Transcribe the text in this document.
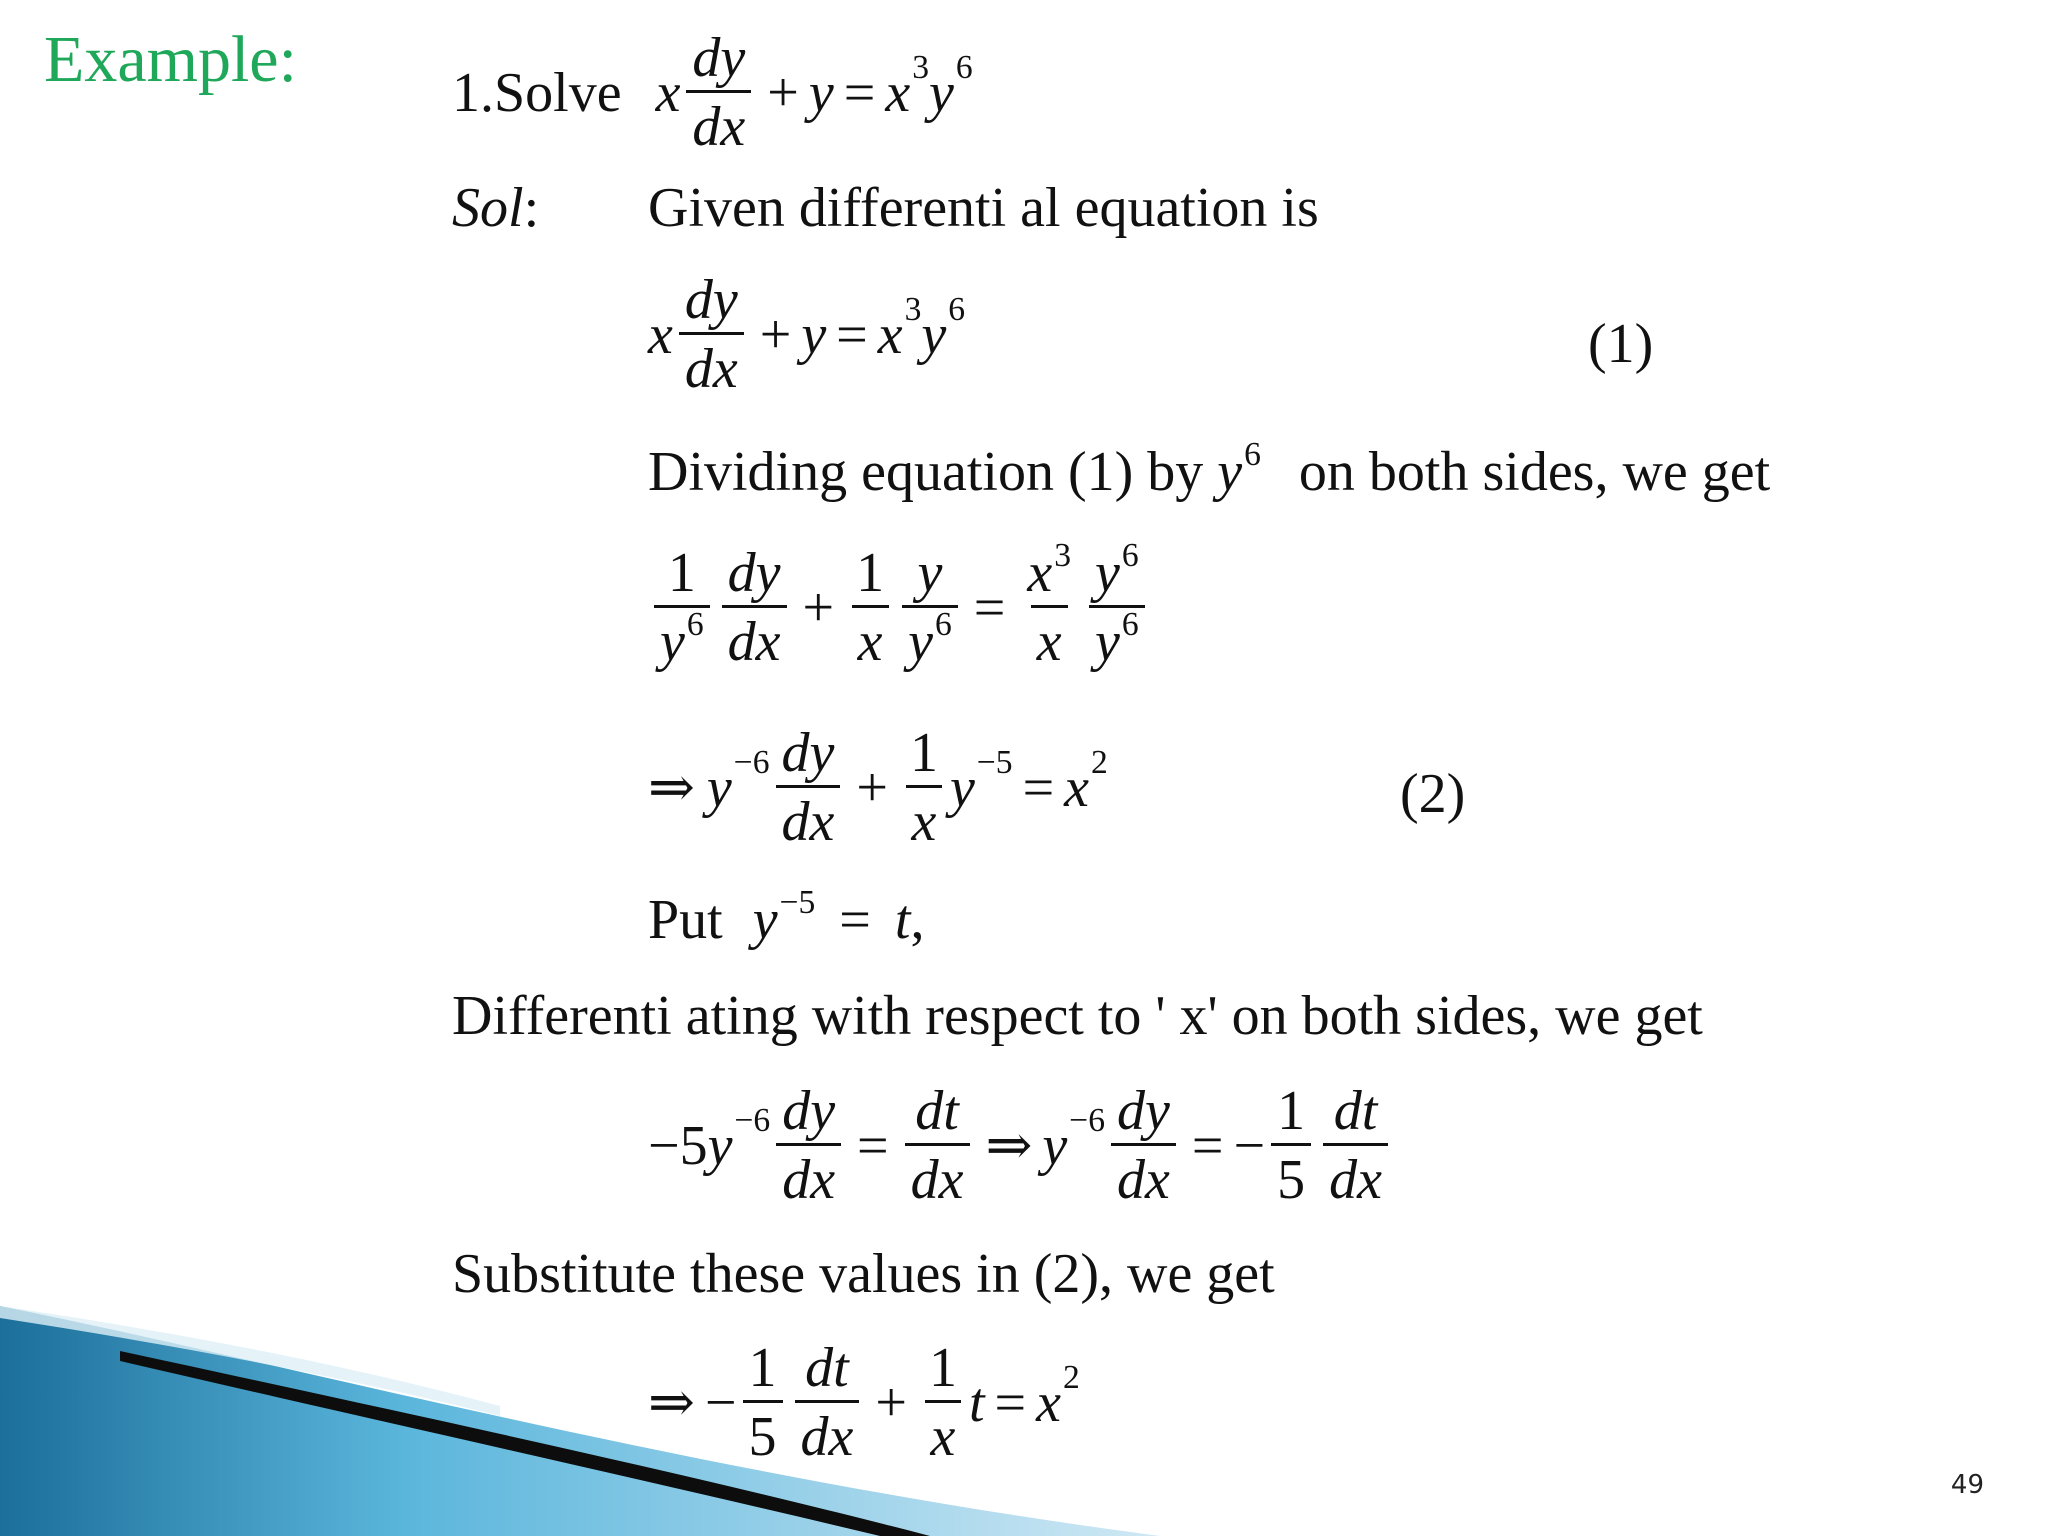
Example:	1. Solve x $\frac{dy}{dx} + y = x^3$ $y^6$
Sol: Given differenti al equation is
x $\frac{dy}{dx} + y = x^3$ $y^6$
(1)
Dividing equation (1) by $y^6$ on both sides, we get
$\frac{1}{y^6} \frac{dy}{dx} + \frac{1}{x} \frac{y}{y^6} = \frac{x^3}{x} \frac{y^6}{y^6}$
⇒ $y^{-6} \frac{dy}{dx} + \frac{1}{x} y^{-5} = x^2$
(2)
Put $y^{-5} = t$,
Differenti ating with respect to ' x' on both sides, we get
−5 $y^{-6} \frac{dy}{dx} = \frac{dt}{dx}$ ⇒ $y^{-6} \frac{dy}{dx}$ = − $\frac{1}{5} \frac{dt}{dx}$
Substitute these values in (2), we get
⇒ − $\frac{1}{5} \frac{dt}{dx} + \frac{1}{x}$ $t = x^2$
49
